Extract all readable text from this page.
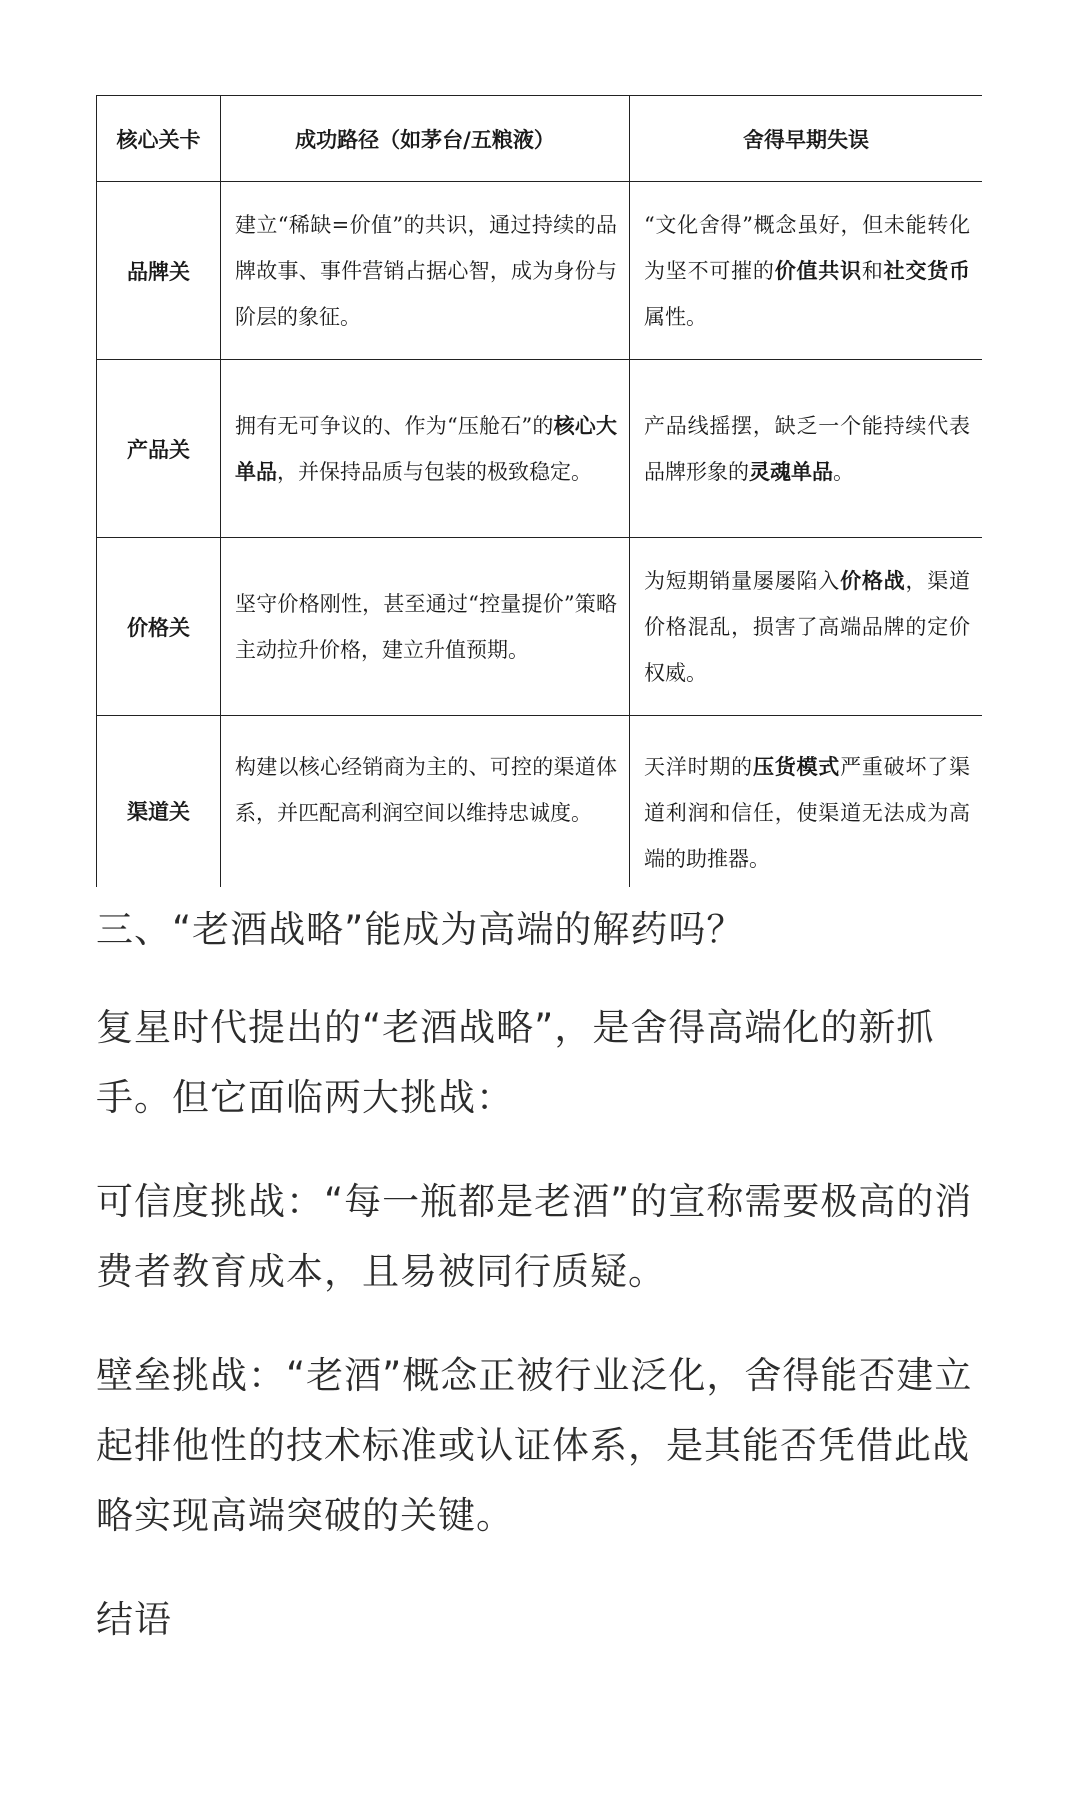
核心关卡	成功路径（如茅台/五粮液）	舍得早期失误
品牌关	建立“稀缺=价值”的共识，通过持续的品牌故事、事件营销占据心智，成为身份与阶层的象征。	“文化舍得”概念虽好，但未能转化为坚不可摧的价值共识和社交货币属性。
产品关	拥有无可争议的、作为“压舱石”的核心大单品，并保持品质与包装的极致稳定。	产品线摇摆，缺乏一个能持续代表品牌形象的灵魂单品。
价格关	坚守价格刚性，甚至通过“控量提价”策略主动拉升价格，建立升值预期。	为短期销量屡屡陷入价格战，渠道价格混乱，损害了高端品牌的定价权威。
渠道关	构建以核心经销商为主的、可控的渠道体系，并匹配高利润空间以维持忠诚度。	天洋时期的压货模式严重破坏了渠道利润和信任，使渠道无法成为高端的助推器。

三、“老酒战略”能成为高端的解药吗？

复星时代提出的“老酒战略”，是舍得高端化的新抓手。但它面临两大挑战：

可信度挑战：“每一瓶都是老酒”的宣称需要极高的消费者教育成本，且易被同行质疑。

壁垒挑战：“老酒”概念正被行业泛化，舍得能否建立起排他性的技术标准或认证体系，是其能否凭借此战略实现高端突破的关键。

结语
